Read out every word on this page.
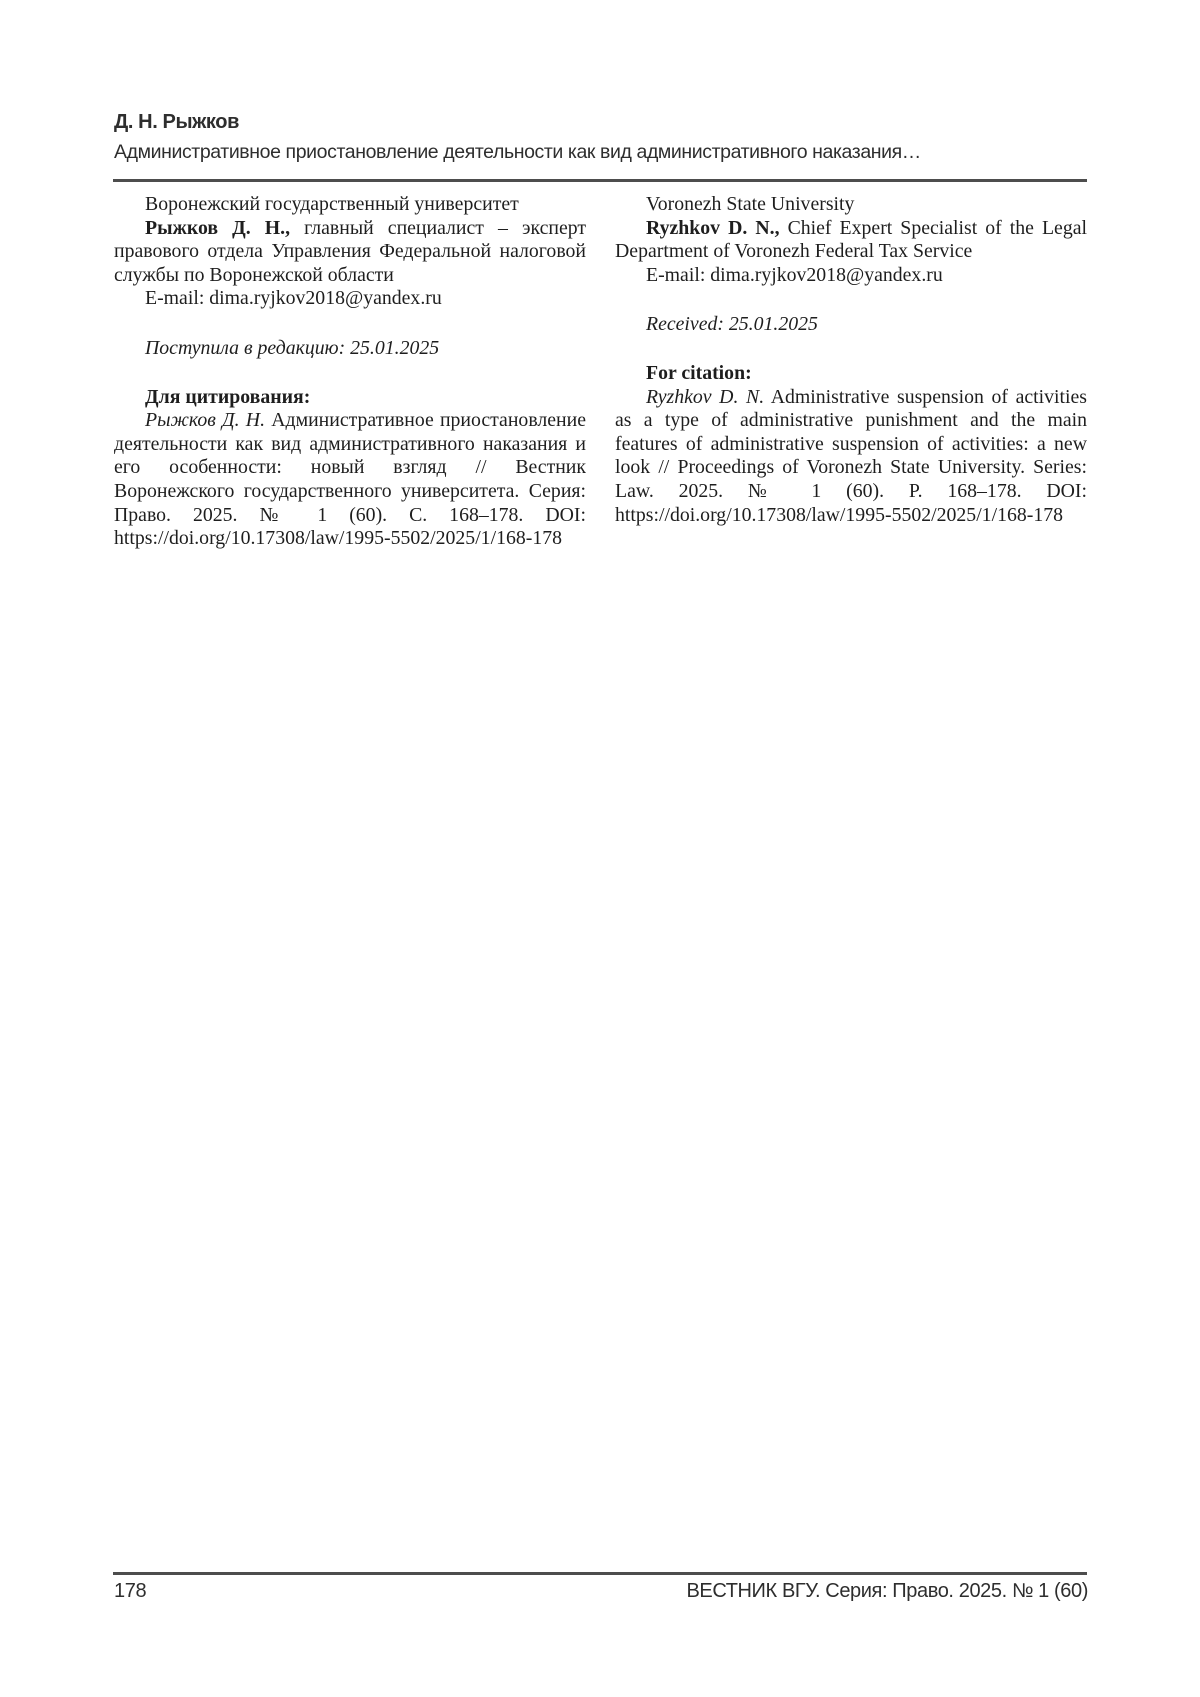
Д. Н. Рыжков
Административное приостановление деятельности как вид административного наказания…

Воронежский государственный университет

Рыжков Д. Н., главный специалист – эксперт правового отдела Управления Федеральной налоговой службы по Воронежской области

E-mail: dima.ryjkov2018@yandex.ru

Поступила в редакцию: 25.01.2025

Для цитирования:

Рыжков Д. Н. Административное приостановление деятельности как вид административного наказания и его особенности: новый взгляд // Вестник Воронежского государственного университета. Серия: Право. 2025. № 1 (60). С. 168–178. DOI: https://doi.org/10.17308/law/1995-5502/2025/1/168-178

Voronezh State University

Ryzhkov D. N., Chief Expert Specialist of the Legal Department of Voronezh Federal Tax Service

E-mail: dima.ryjkov2018@yandex.ru

Received: 25.01.2025

For citation:

Ryzhkov D. N. Administrative suspension of activities as a type of administrative punishment and the main features of administrative suspension of activities: a new look // Proceedings of Voronezh State University. Series: Law. 2025. № 1 (60). P. 168–178. DOI: https://doi.org/10.17308/law/1995-5502/2025/1/168-178

178	ВЕСТНИК ВГУ. Серия: Право. 2025. № 1 (60)
